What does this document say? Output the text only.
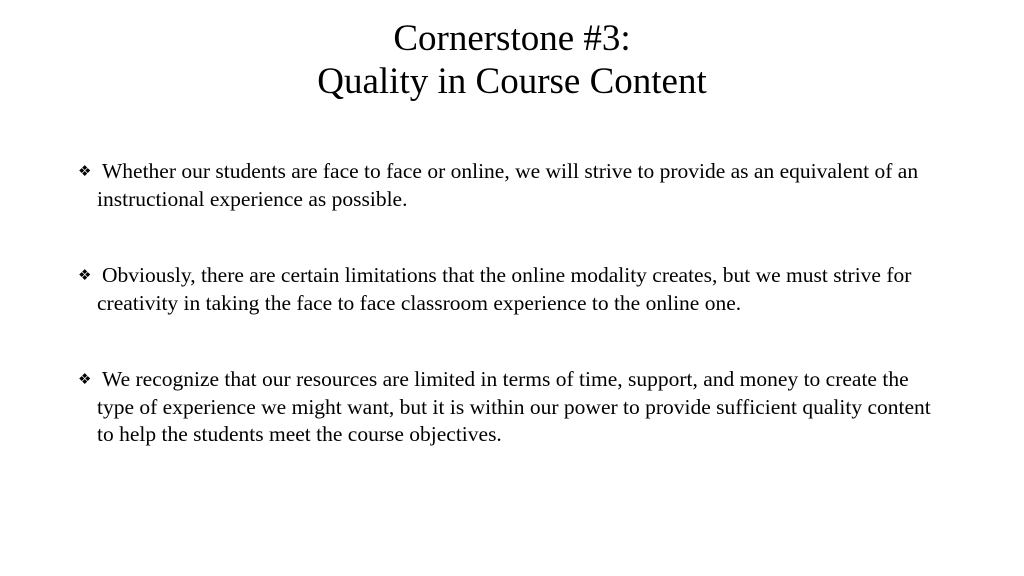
Cornerstone #3:
Quality in Course Content
❖ Whether our students are face to face or online, we will strive to provide as an equivalent of an instructional experience as possible.
❖ Obviously, there are certain limitations that the online modality creates, but we must strive for creativity in taking the face to face classroom experience to the online one.
❖ We recognize that our resources are limited in terms of time, support, and money to create the type of experience we might want, but it is within our power to provide sufficient quality content to help the students meet the course objectives.
